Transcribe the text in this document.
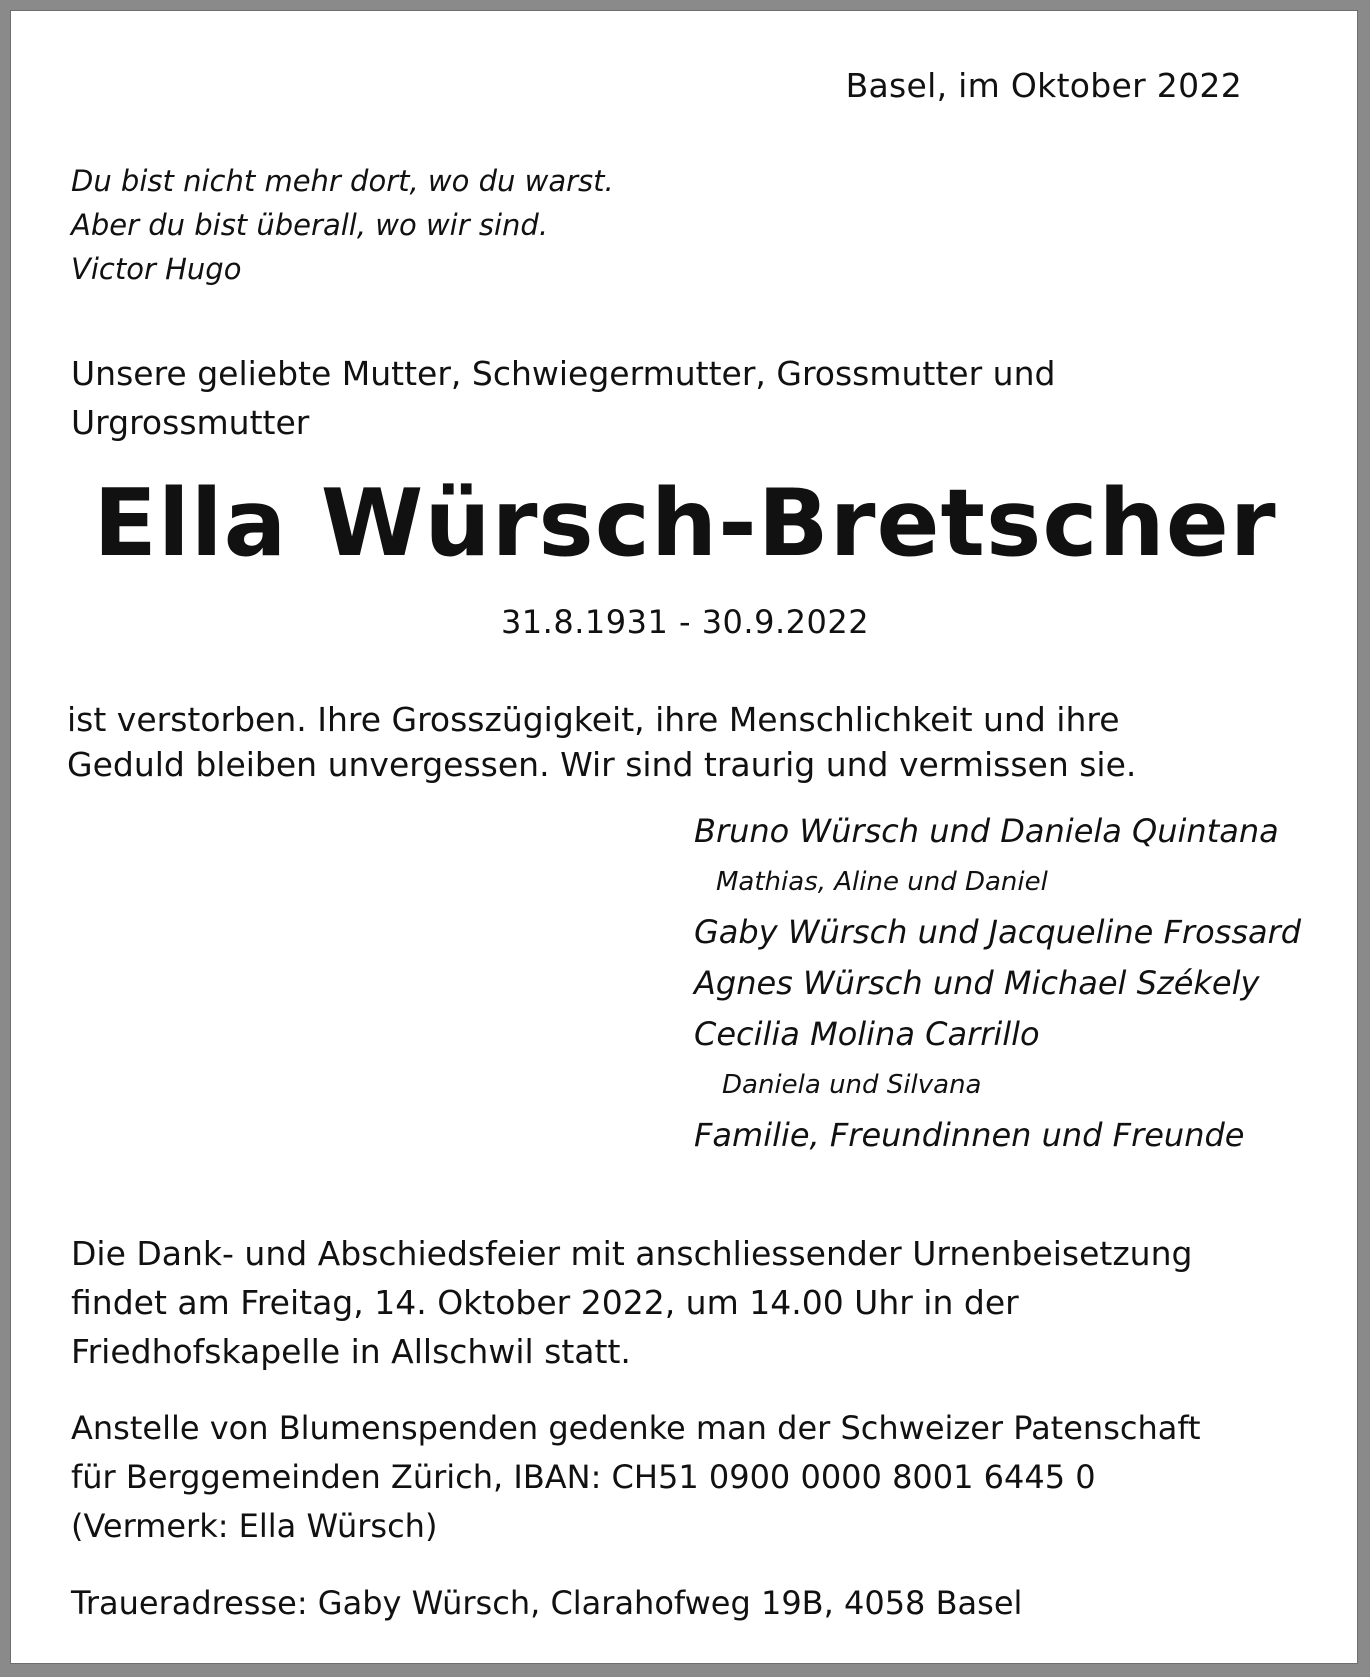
Basel, im Oktober 2022
Du bist nicht mehr dort, wo du warst.
Aber du bist überall, wo wir sind.
Victor Hugo
Unsere geliebte Mutter, Schwiegermutter, Grossmutter und
Urgrossmutter
Ella Würsch-Bretscher
31.8.1931 - 30.9.2022
ist verstorben. Ihre Grosszügigkeit, ihre Menschlichkeit und ihre
Geduld bleiben unvergessen. Wir sind traurig und vermissen sie.
Bruno Würsch und Daniela Quintana
Mathias, Aline und Daniel
Gaby Würsch und Jacqueline Frossard
Agnes Würsch und Michael Székely
Cecilia Molina Carrillo
Daniela und Silvana
Familie, Freundinnen und Freunde
Die Dank- und Abschiedsfeier mit anschliessender Urnenbeisetzung
findet am Freitag, 14. Oktober 2022, um 14.00 Uhr in der
Friedhofskapelle in Allschwil statt.
Anstelle von Blumenspenden gedenke man der Schweizer Patenschaft
für Berggemeinden Zürich, IBAN: CH51 0900 0000 8001 6445 0
(Vermerk: Ella Würsch)
Traueradresse: Gaby Würsch, Clarahofweg 19B, 4058 Basel
